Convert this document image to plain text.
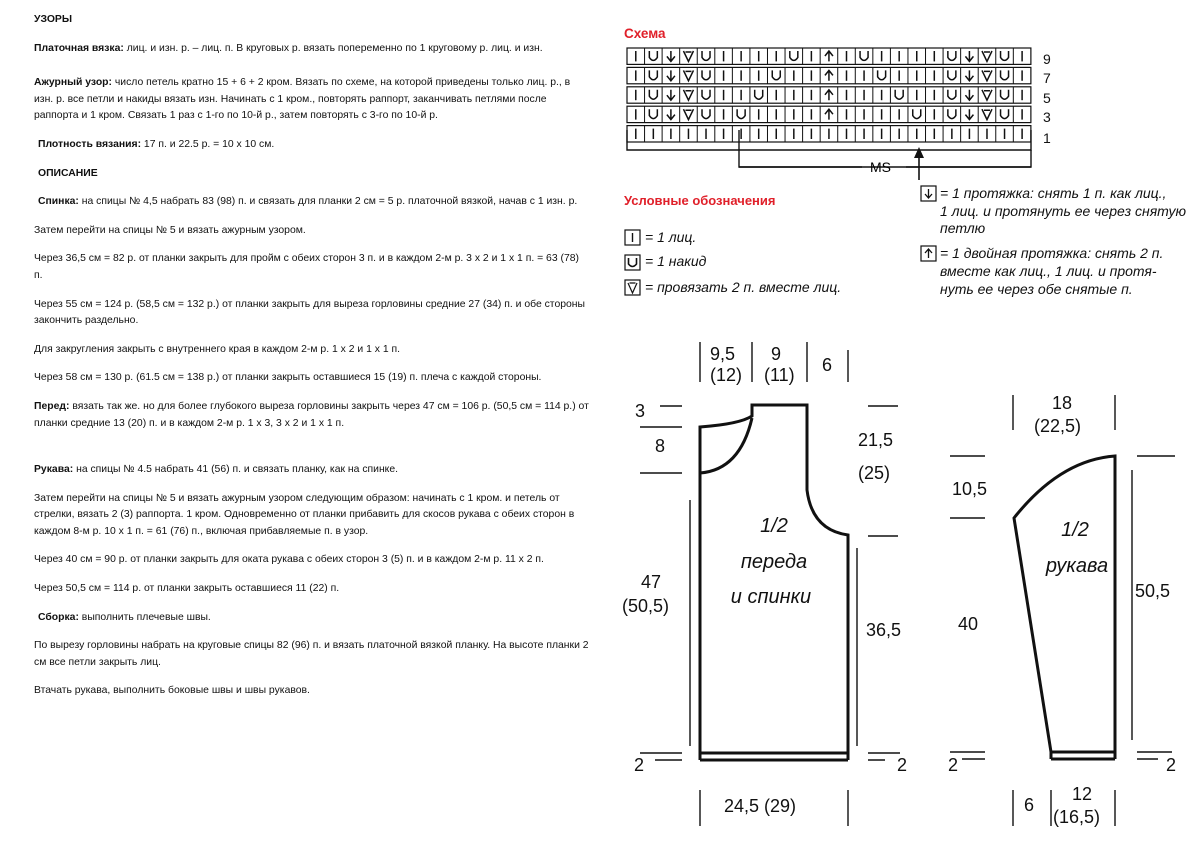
УЗОРЫ

Платочная вязка: лиц. и изн. р. – лиц. п. В круговых р. вязать попеременно по 1 круговому р. лиц. и изн.

Ажурный узор: число петель кратно 15 + 6 + 2 кром. Вязать по схеме, на которой приведены только лиц. р., в изн. р. все петли и накиды вязать изн. Начинать с 1 кром., повторять раппорт, заканчивать петлями после раппорта и 1 кром. Связать 1 раз с 1-го по 10-й р., затем повторять с 3-го по 10-й р.

Плотность вязания: 17 п. и 22.5 р. = 10 х 10 см.

ОПИСАНИЕ

Спинка: на спицы № 4,5 набрать 83 (98) п. и связать для планки 2 см = 5 р. платочной вязкой, начав с 1 изн. р.

Затем перейти на спицы № 5 и вязать ажурным узором.

Через 36,5 см = 82 р. от планки закрыть для пройм с обеих сторон 3 п. и в каждом 2-м р. 3 х 2 и 1 х 1 п. = 63 (78) п.

Через 55 см = 124 р. (58,5 см = 132 р.) от планки закрыть для выреза горловины средние 27 (34) п. и обе стороны закончить раздельно.

Для закругления закрыть с внутреннего края в каждом 2-м р. 1 х 2 и 1 х 1 п.

Через 58 см = 130 р. (61.5 см = 138 р.) от планки закрыть оставшиеся 15 (19) п. плеча с каждой стороны.

Перед: вязать так же. но для более глубокого выреза горловины закрыть через 47 см = 106 р. (50,5 см = 114 р.) от планки средние 13 (20) п. и в каждом 2-м р. 1 х 3, 3 х 2 и 1 х 1 п.

Рукава: на спицы № 4.5 набрать 41 (56) п. и связать планку, как на спинке.

Затем перейти на спицы № 5 и вязать ажурным узором следующим образом: начинать с 1 кром. и петель от стрелки, вязать 2 (3) раппорта. 1 кром. Одновременно от планки прибавить для скосов рукава с обеих сторон в каждом 8-м р. 10 х 1 п. = 61 (76) п., включая прибавляемые п. в узор.

Через 40 см = 90 р. от планки закрыть для оката рукава с обеих сторон 3 (5) п. и в каждом 2-м р. 11 х 2 п.

Через 50,5 см = 114 р. от планки закрыть оставшиеся 11 (22) п.

Сборка: выполнить плечевые швы.

По вырезу горловины набрать на круговые спицы 82 (96) п. и вязать платочной вязкой планку. На высоте планки 2 см все петли закрыть лиц.

Втачать рукава, выполнить боковые швы и швы рукавов.

Схема
9
7
5
3
1
MS
Условные обозначения
= 1 лиц.
= 1 накид
= провязать 2 п. вместе лиц.
= 1 протяжка: снять 1 п. как лиц.,
1 лиц. и протянуть ее через снятую
петлю
= 1 двойная протяжка: снять 2 п.
вместе как лиц., 1 лиц. и протя-
нуть ее через обе снятые п.
9,5
(12)
9
(11) 6
3
8
47
(50,5)
2
21,5
(25)
36,5
2
24,5 (29)
1/2
переда
и спинки
18
(22,5)
10,5
40
2
50,5
2
6
12
(16,5)
1/2
рукава
